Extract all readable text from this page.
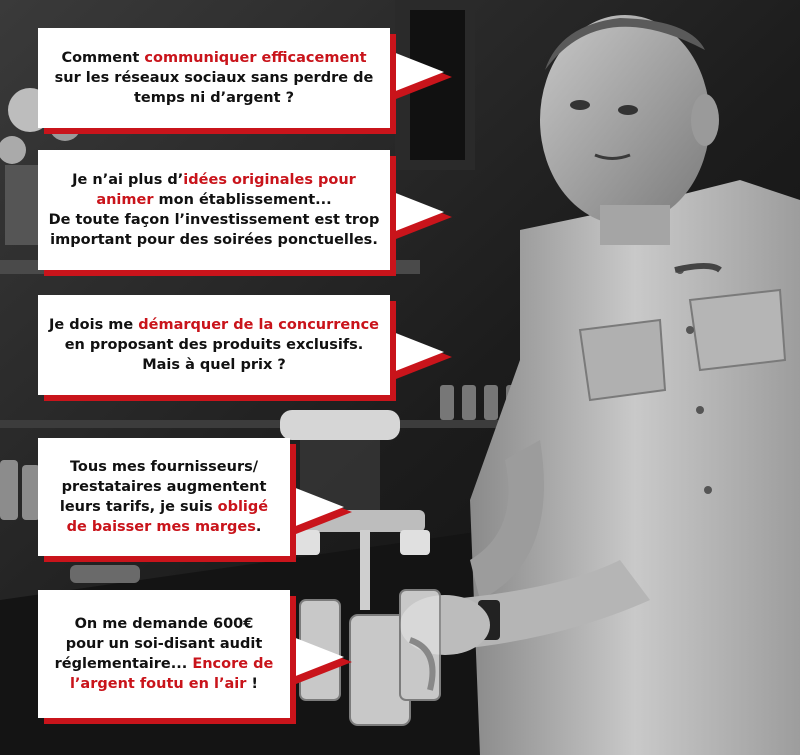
Comment communiquer efficacement
sur les réseaux sociaux sans perdre de
temps ni d’argent ?
Je n’ai plus d’idées originales pour
animer mon établissement...
De toute façon l’investissement est trop
important pour des soirées ponctuelles.
Je dois me démarquer de la concurrence
en proposant des produits exclusifs.
Mais à quel prix ?
Tous mes fournisseurs/
prestataires augmentent
leurs tarifs, je suis obligé
de baisser mes marges.
On me demande 600€
pour un soi-disant audit
réglementaire... Encore de
l’argent foutu en l’air !
